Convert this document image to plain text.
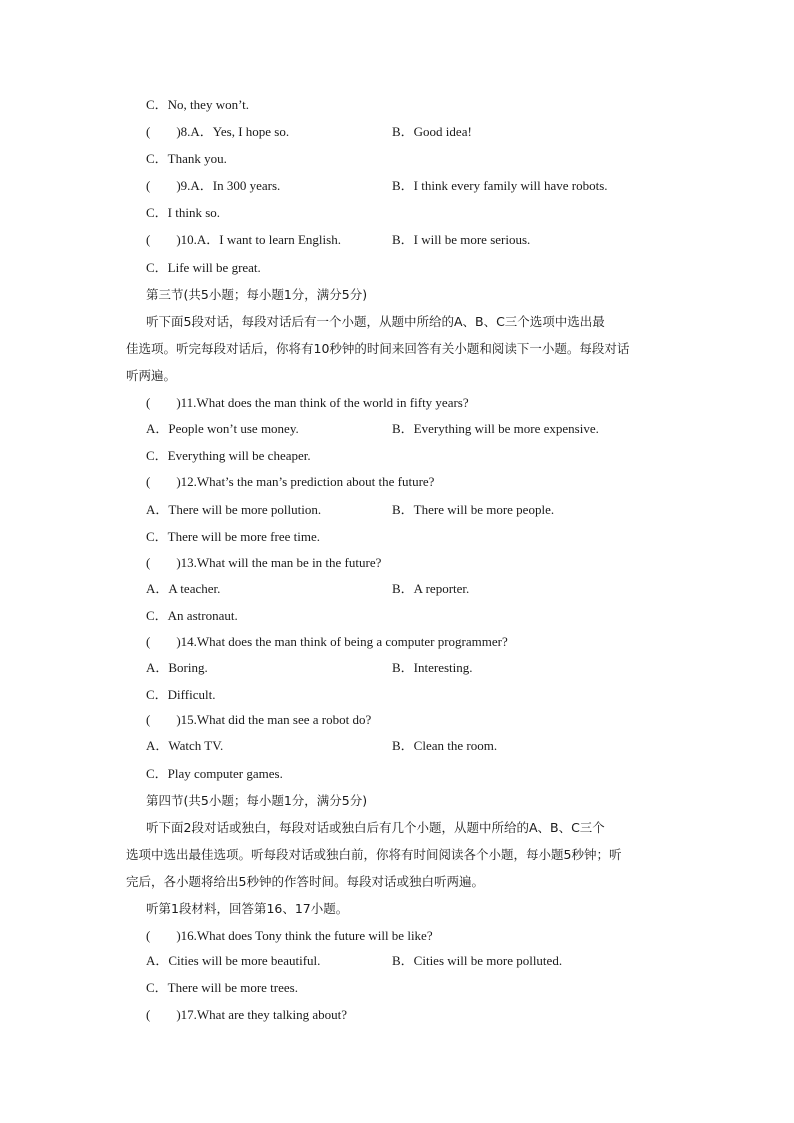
C．No, they won’t.
(　　)8.A．Yes, I hope so.	B．Good idea!
C．Thank you.
(　　)9.A．In 300 years.	B．I think every family will have robots.
C．I think so.
(　　)10.A．I want to learn English.	B．I will be more serious.
C．Life will be great.
第三节(共5小题；每小题1分，满分5分)
听下面5段对话，每段对话后有一个小题，从题中所给的A、B、C三个选项中选出最
佳选项。听完每段对话后，你将有10秒钟的时间来回答有关小题和阅读下一小题。每段对话
听两遍。
(　　)11.What does the man think of the world in fifty years?
A．People won’t use money.	B．Everything will be more expensive.
C．Everything will be cheaper.
(　　)12.What’s the man’s prediction about the future?
A．There will be more pollution.	B．There will be more people.
C．There will be more free time.
(　　)13.What will the man be in the future?
A．A teacher.	B．A reporter.
C．An astronaut.
(　　)14.What does the man think of being a computer programmer?
A．Boring.	B．Interesting.
C．Difficult.
(　　)15.What did the man see a robot do?
A．Watch TV.	B．Clean the room.
C．Play computer games.
第四节(共5小题；每小题1分，满分5分)
听下面2段对话或独白，每段对话或独白后有几个小题，从题中所给的A、B、C三个
选项中选出最佳选项。听每段对话或独白前，你将有时间阅读各个小题，每小题5秒钟；听
完后，各小题将给出5秒钟的作答时间。每段对话或独白听两遍。
听第1段材料，回答第16、17小题。
(　　)16.What does Tony think the future will be like?
A．Cities will be more beautiful.	B．Cities will be more polluted.
C．There will be more trees.
(　　)17.What are they talking about?
